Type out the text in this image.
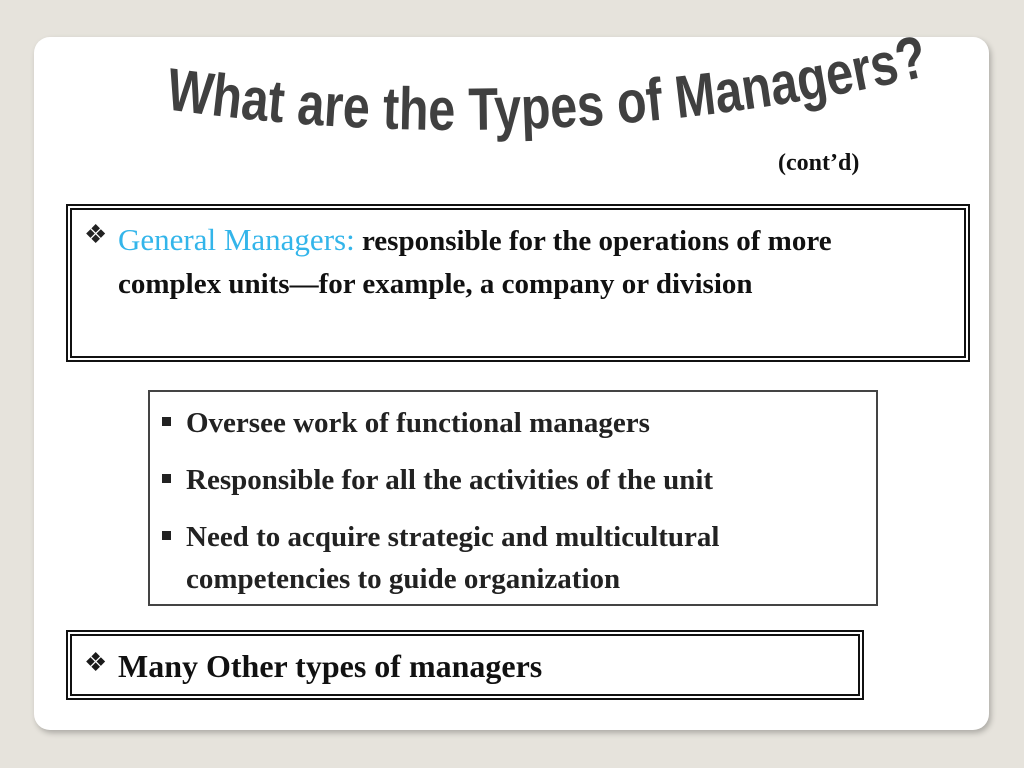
What are the Types of Managers?
(cont’d)
❖ General Managers: responsible for the operations of more complex units—for example, a company or division
Oversee work of functional managers
Responsible for all the activities of the unit
Need to acquire strategic and multicultural competencies to guide organization
❖ Many Other types of managers
